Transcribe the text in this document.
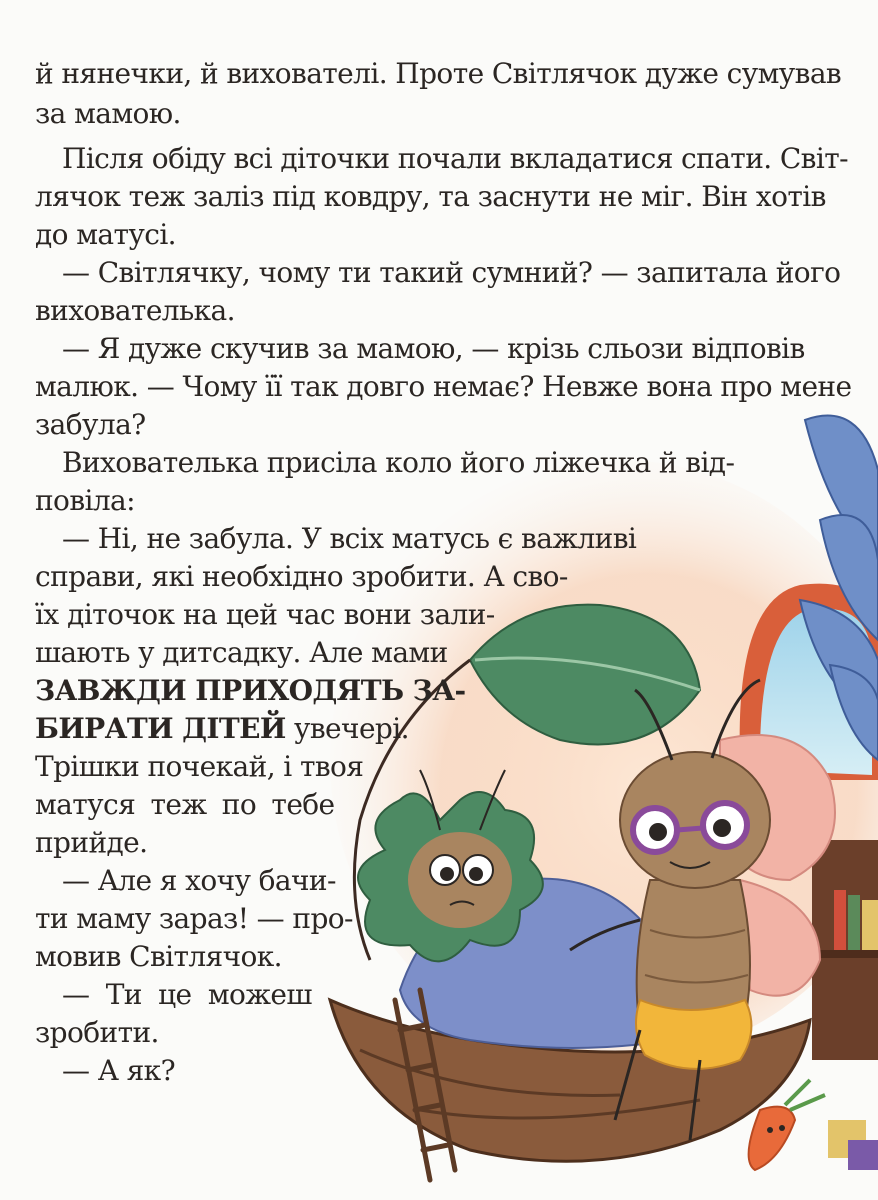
й нянечки, й вихователі. Проте Світлячок дуже сумував
за мамою.
Після обіду всі діточки почали вкладатися спати. Світ-
лячок теж заліз під ковдру, та заснути не міг. Він хотів
до матусі.
— Світлячку, чому ти такий сумний? — запитала його
вихователька.
— Я дуже скучив за мамою, — крізь сльози відповів
малюк. — Чому її так довго немає? Невже вона про мене
забула?
Вихователька присіла коло його ліжечка й від-
повіла:
— Ні, не забула. У всіх матусь є важливі
справи, які необхідно зробити. А сво-
їх діточок на цей час вони зали-
шають у дитсадку. Але мами
ЗАВЖДИ ПРИХОДЯТЬ ЗА-
БИРАТИ ДІТЕЙ увечері.
Трішки почекай, і твоя
матуся теж по тебе
прийде.
— Але я хочу бачи-
ти маму зараз! — про-
мовив Світлячок.
— Ти це можеш
зробити.
— А як?
